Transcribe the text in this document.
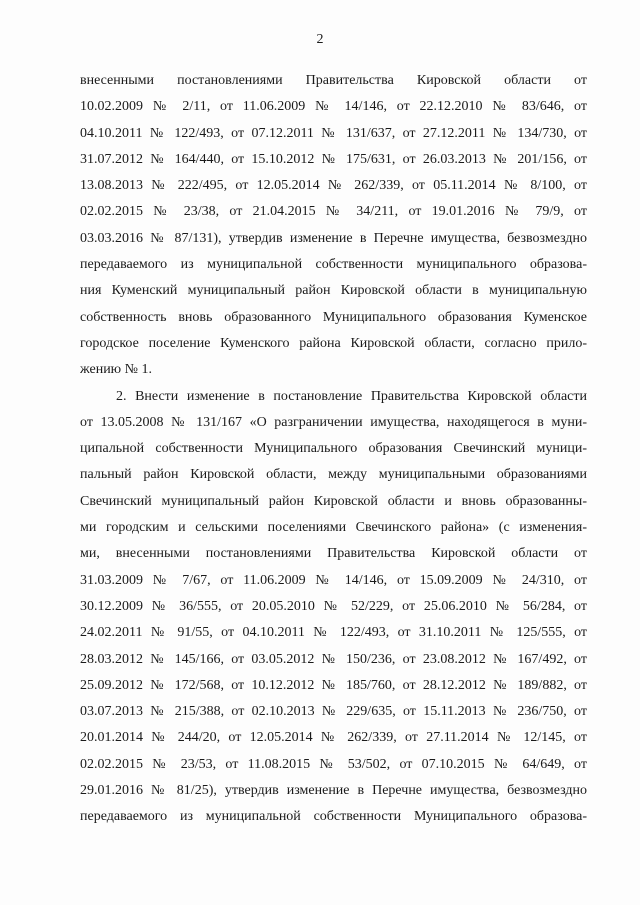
2
внесенными постановлениями Правительства Кировской области от
10.02.2009 № 2/11, от 11.06.2009 № 14/146, от 22.12.2010 № 83/646, от
04.10.2011 № 122/493, от 07.12.2011 № 131/637, от 27.12.2011 № 134/730, от
31.07.2012 № 164/440, от 15.10.2012 № 175/631, от 26.03.2013 № 201/156, от
13.08.2013 № 222/495, от 12.05.2014 № 262/339, от 05.11.2014 № 8/100, от
02.02.2015 № 23/38, от 21.04.2015 № 34/211, от 19.01.2016 № 79/9, от
03.03.2016 № 87/131), утвердив изменение в Перечне имущества, безвозмездно
передаваемого из муниципальной собственности муниципального образова-
ния Куменский муниципальный район Кировской области в муниципальную
собственность вновь образованного Муниципального образования Куменское
городское поселение Куменского района Кировской области, согласно прило-
жению № 1.
2. Внести изменение в постановление Правительства Кировской области
от 13.05.2008 № 131/167 «О разграничении имущества, находящегося в муни-
ципальной собственности Муниципального образования Свечинский муници-
пальный район Кировской области, между муниципальными образованиями
Свечинский муниципальный район Кировской области и вновь образованны-
ми городским и сельскими поселениями Свечинского района» (с изменения-
ми, внесенными постановлениями Правительства Кировской области от
31.03.2009 № 7/67, от 11.06.2009 № 14/146, от 15.09.2009 № 24/310, от
30.12.2009 № 36/555, от 20.05.2010 № 52/229, от 25.06.2010 № 56/284, от
24.02.2011 № 91/55, от 04.10.2011 № 122/493, от 31.10.2011 № 125/555, от
28.03.2012 № 145/166, от 03.05.2012 № 150/236, от 23.08.2012 № 167/492, от
25.09.2012 № 172/568, от 10.12.2012 № 185/760, от 28.12.2012 № 189/882, от
03.07.2013 № 215/388, от 02.10.2013 № 229/635, от 15.11.2013 № 236/750, от
20.01.2014 № 244/20, от 12.05.2014 № 262/339, от 27.11.2014 № 12/145, от
02.02.2015 № 23/53, от 11.08.2015 № 53/502, от 07.10.2015 № 64/649, от
29.01.2016 № 81/25), утвердив изменение в Перечне имущества, безвозмездно
передаваемого из муниципальной собственности Муниципального образова-
